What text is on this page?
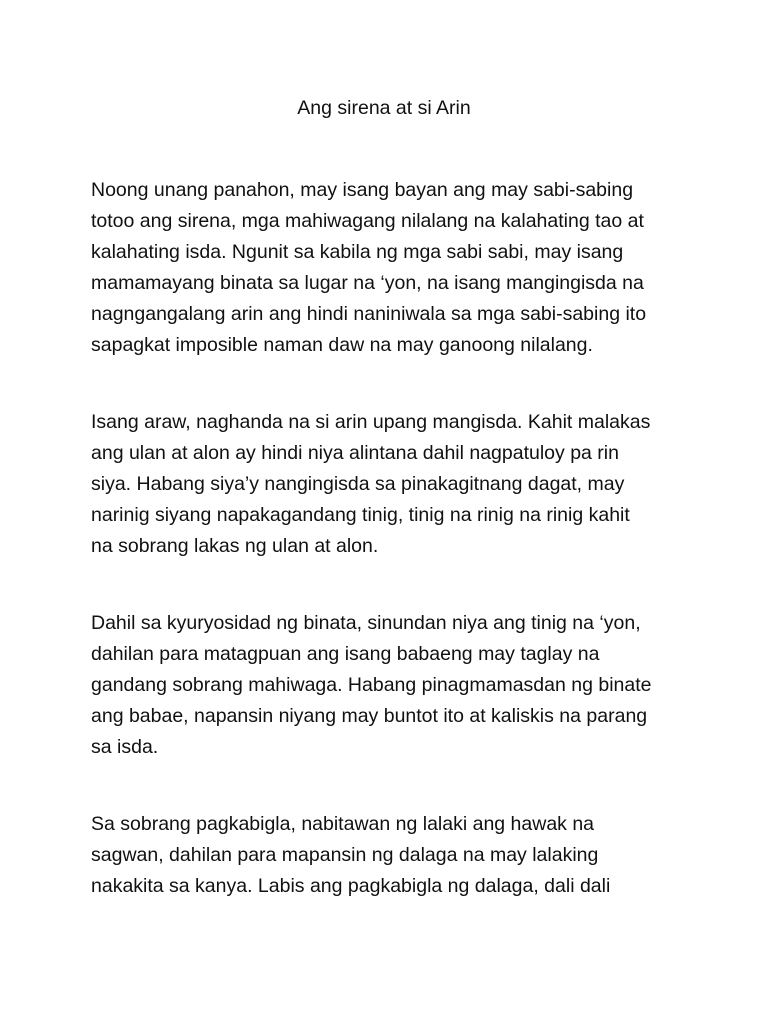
Ang sirena at si Arin

Noong unang panahon, may isang bayan ang may sabi-sabing
totoo ang sirena, mga mahiwagang nilalang na kalahating tao at
kalahating isda. Ngunit sa kabila ng mga sabi sabi, may isang
mamamayang binata sa lugar na ‘yon, na isang mangingisda na
nagngangalang arin ang hindi naniniwala sa mga sabi-sabing ito
sapagkat imposible naman daw na may ganoong nilalang.

Isang araw, naghanda na si arin upang mangisda. Kahit malakas
ang ulan at alon ay hindi niya alintana dahil nagpatuloy pa rin
siya. Habang siya’y nangingisda sa pinakagitnang dagat, may
narinig siyang napakagandang tinig, tinig na rinig na rinig kahit
na sobrang lakas ng ulan at alon.

Dahil sa kyuryosidad ng binata, sinundan niya ang tinig na ‘yon,
dahilan para matagpuan ang isang babaeng may taglay na
gandang sobrang mahiwaga. Habang pinagmamasdan ng binate
ang babae, napansin niyang may buntot ito at kaliskis na parang
sa isda.

Sa sobrang pagkabigla, nabitawan ng lalaki ang hawak na
sagwan, dahilan para mapansin ng dalaga na may lalaking
nakakita sa kanya. Labis ang pagkabigla ng dalaga, dali dali
